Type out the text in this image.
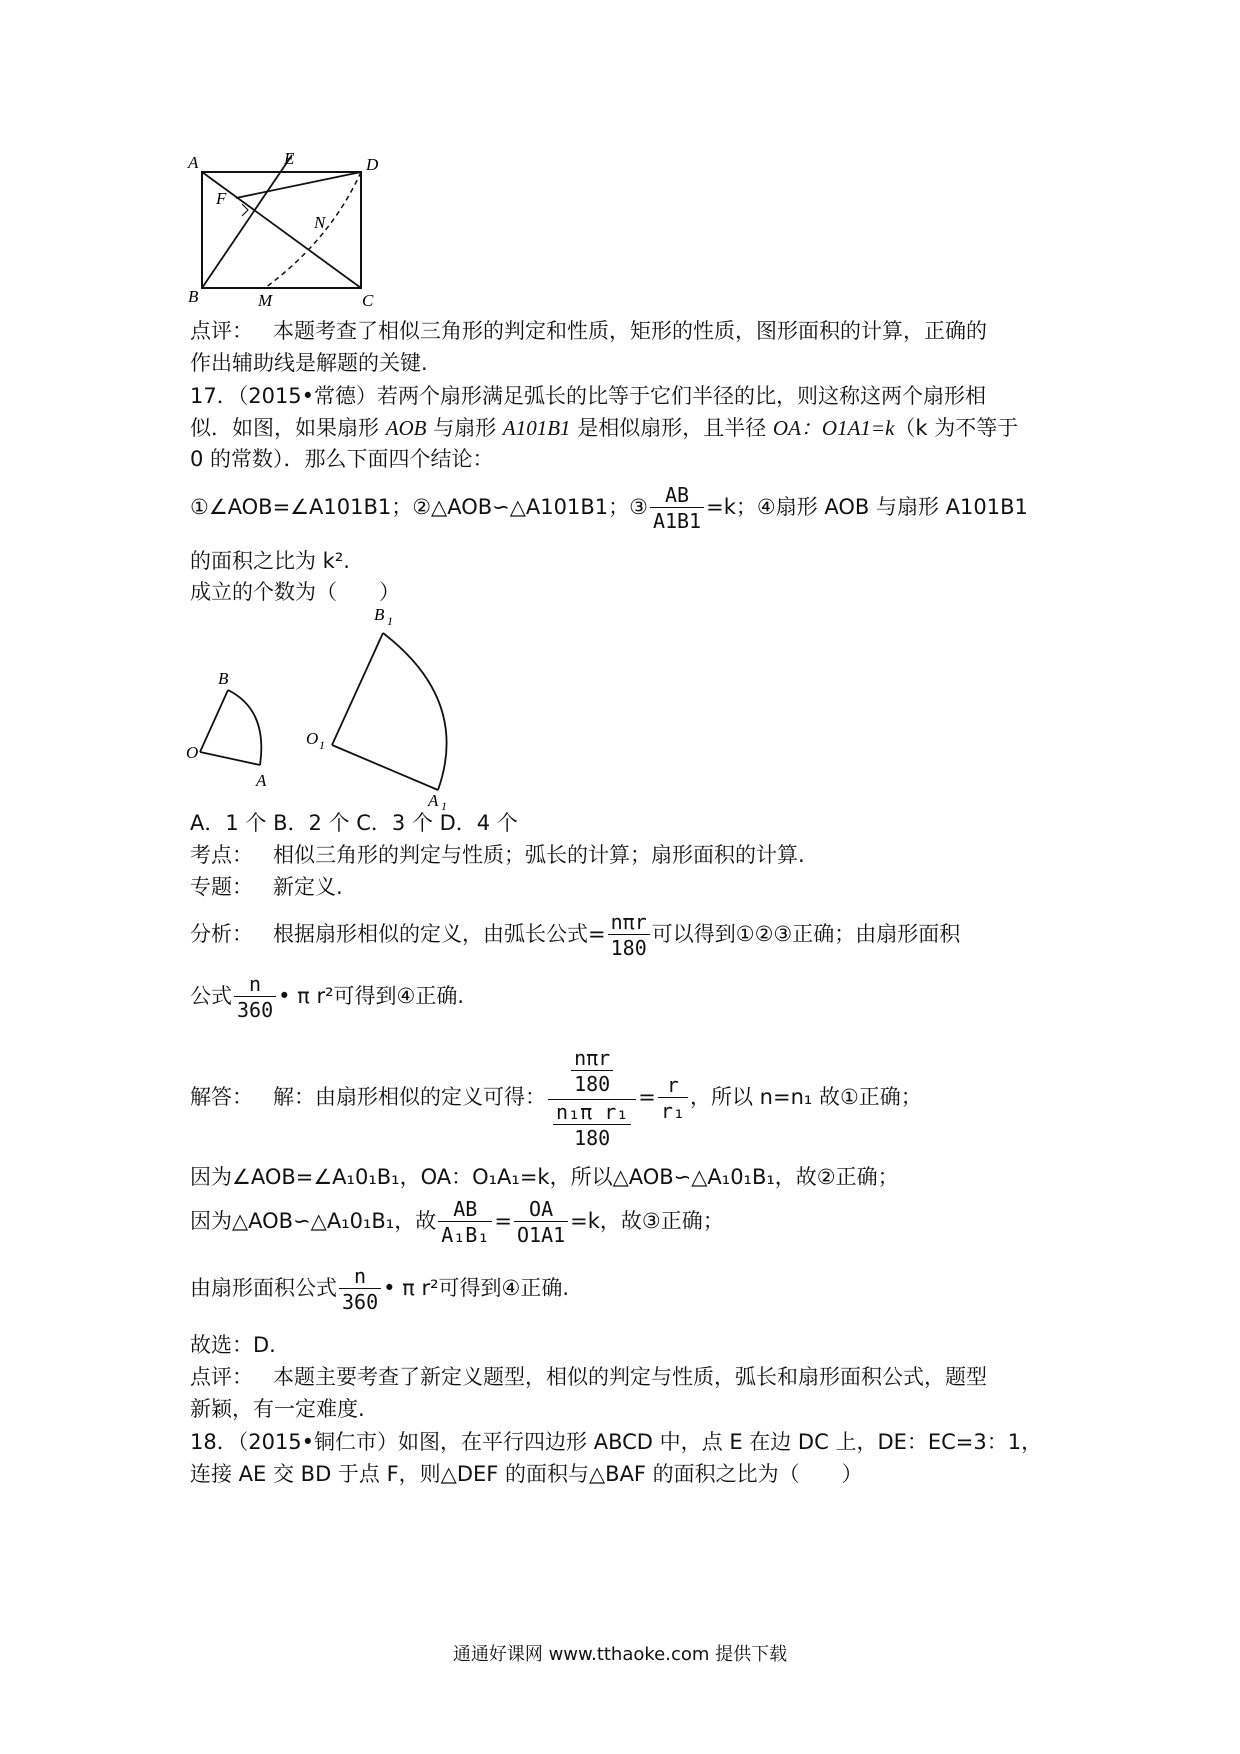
A	E	D
F
N
B	M	C
点评： 本题考查了相似三角形的判定和性质，矩形的性质，图形面积的计算，正确的
作出辅助线是解题的关键.
17．（2015•常德）若两个扇形满足弧长的比等于它们半径的比，则这称这两个扇形相
似．如图，如果扇形 AOB 与扇形 A101B1 是相似扇形，且半径 OA：O1A1=k（k 为不等于
0 的常数）．那么下面四个结论：
①∠AOB=∠A101B1；②△AOB∽△A101B1；③ $\frac{AB}{A1B1} =k$；④扇形 AOB 与扇形 A101B1
的面积之比为 k².
成立的个数为（　　）
B
O
A
B 1
O 1
A 1
A．1 个 B．2 个 C．3 个 D．4 个
考点： 相似三角形的判定与性质；弧长的计算；扇形面积的计算.
专题： 新定义.
分析： 根据扇形相似的定义，由弧长公式= $\frac{\text{nπr}}{180}$ 可以得到①②③正确；由扇形面积
公式 $\frac{n}{360}$ • π r²可得到④正确.
解答： 解：由扇形相似的定义可得： $\frac{\frac{\text{nπr}}{180}}{\frac{\text{n₁π r₁}}{180}} = \frac{r}{\text{r₁}}$ ，所以 n=n₁ 故①正确；
因为∠AOB=∠A₁0₁B₁，OA：O₁A₁=k，所以△AOB∽△A₁0₁B₁，故②正确；
因为△AOB∽△A₁0₁B₁，故 $\frac{AB}{\text{A₁B₁}} = \frac{OA}{O1A1} =k$，故③正确；
由扇形面积公式 $\frac{n}{360}$ • π r²可得到④正确.
故选：D.
点评： 本题主要考查了新定义题型，相似的判定与性质，弧长和扇形面积公式，题型
新颖，有一定难度.
18．（2015•铜仁市）如图，在平行四边形 ABCD 中，点 E 在边 DC 上，DE：EC=3：1，
连接 AE 交 BD 于点 F，则△DEF 的面积与△BAF 的面积之比为（　　）
通通好课网 www.tthaoke.com 提供下载
